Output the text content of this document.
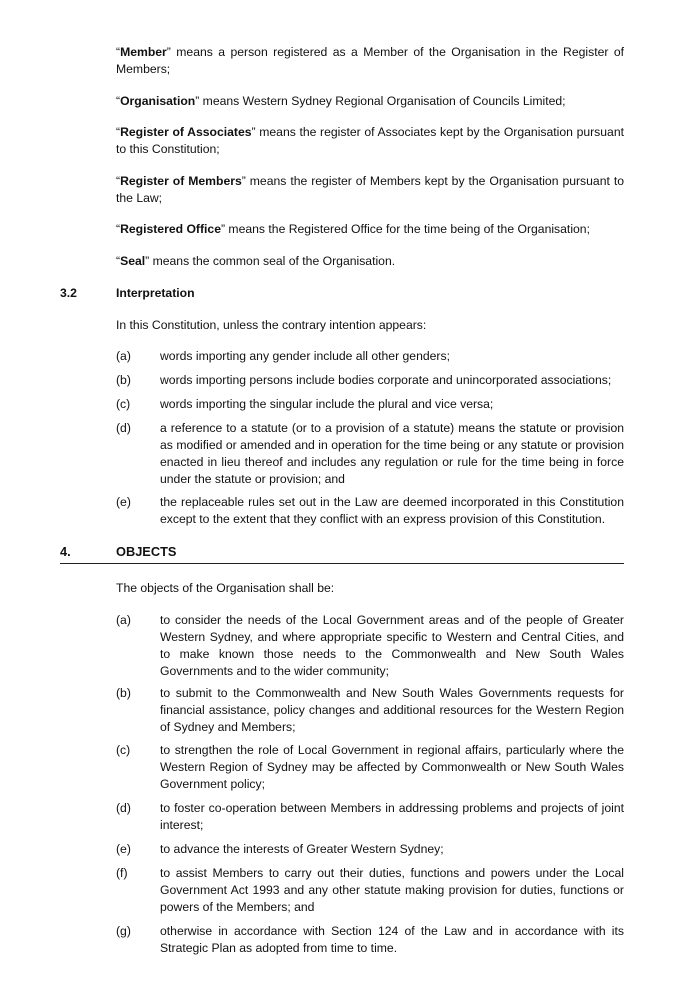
“Member” means a person registered as a Member of the Organisation in the Register of Members;

“Organisation” means Western Sydney Regional Organisation of Councils Limited;

“Register of Associates” means the register of Associates kept by the Organisation pursuant to this Constitution;

“Register of Members” means the register of Members kept by the Organisation pursuant to the Law;

“Registered Office” means the Registered Office for the time being of the Organisation;

“Seal” means the common seal of the Organisation.

3.2	Interpretation

In this Constitution, unless the contrary intention appears:

(a) words importing any gender include all other genders;

(b) words importing persons include bodies corporate and unincorporated associations;

(c) words importing the singular include the plural and vice versa;

(d) a reference to a statute (or to a provision of a statute) means the statute or provision as modified or amended and in operation for the time being or any statute or provision enacted in lieu thereof and includes any regulation or rule for the time being in force under the statute or provision; and

(e) the replaceable rules set out in the Law are deemed incorporated in this Constitution except to the extent that they conflict with an express provision of this Constitution.

4.	OBJECTS

The objects of the Organisation shall be:

(a) to consider the needs of the Local Government areas and of the people of Greater Western Sydney, and where appropriate specific to Western and Central Cities, and to make known those needs to the Commonwealth and New South Wales Governments and to the wider community;

(b) to submit to the Commonwealth and New South Wales Governments requests for financial assistance, policy changes and additional resources for the Western Region of Sydney and Members;

(c) to strengthen the role of Local Government in regional affairs, particularly where the Western Region of Sydney may be affected by Commonwealth or New South Wales Government policy;

(d) to foster co-operation between Members in addressing problems and projects of joint interest;

(e) to advance the interests of Greater Western Sydney;

(f)	to assist Members to carry out their duties, functions and powers under the Local Government Act 1993 and any other statute making provision for duties, functions or powers of the Members; and

(g) otherwise in accordance with Section 124 of the Law and in accordance with its Strategic Plan as adopted from time to time.
